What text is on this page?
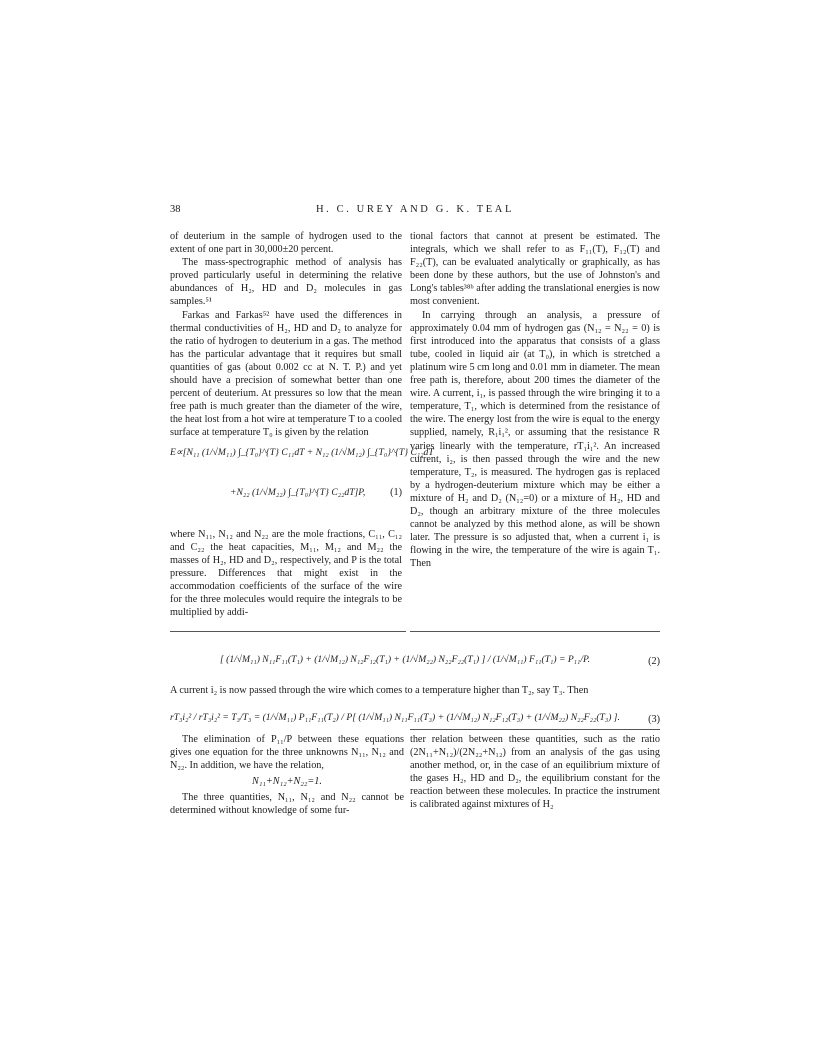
38	H. C. UREY AND G. K. TEAL

of deuterium in the sample of hydrogen used to the extent of one part in 30,000±20 percent.

The mass-spectrographic method of analysis has proved particularly useful in determining the relative abundances of H₂, HD and D₂ molecules in gas samples.⁵¹

Farkas and Farkas⁵² have used the differences in thermal conductivities of H₂, HD and D₂ to analyze for the ratio of hydrogen to deuterium in a gas. The method has the particular advantage that it requires but small quantities of gas (about 0.002 cc at N. T. P.) and yet should have a precision of somewhat better than one percent of deuterium. At pressures so low that the mean free path is much greater than the diameter of the wire, the heat lost from a hot wire at temperature T to a cooled surface at temperature T₀ is given by the relation

E∝[N₁₁ (1/√M₁₁) ∫_{T₀}^{T} C₁₁dT + N₁₂ (1/√M₁₂) ∫_{T₀}^{T} C₁₂dT
+N₂₂ (1/√M₂₂) ∫_{T₀}^{T} C₂₂dT]P, (1)

where N₁₁, N₁₂ and N₂₂ are the mole fractions, C₁₁, C₁₂ and C₂₂ the heat capacities, M₁₁, M₁₂ and M₂₂ the masses of H₂, HD and D₂, respectively, and P is the total pressure. Differences that might exist in the accommodation coefficients of the surface of the wire for the three molecules would require the integrals to be multiplied by addi-

tional factors that cannot at present be estimated. The integrals, which we shall refer to as F₁₁(T), F₁₂(T) and F₂₂(T), can be evaluated analytically or graphically, as has been done by these authors, but the use of Johnston's and Long's tables³⁸ᵇ after adding the translational energies is now most convenient.

In carrying through an analysis, a pressure of approximately 0.04 mm of hydrogen gas (N₁₂ = N₂₂ = 0) is first introduced into the apparatus that consists of a glass tube, cooled in liquid air (at T₀), in which is stretched a platinum wire 5 cm long and 0.01 mm in diameter. The mean free path is, therefore, about 200 times the diameter of the wire. A current, i₁, is passed through the wire bringing it to a temperature, T₁, which is determined from the resistance of the wire. The energy lost from the wire is equal to the energy supplied, namely, R₁i₁², or assuming that the resistance R varies linearly with the temperature, rT₁i₁². An increased current, i₂, is then passed through the wire and the new temperature, T₂, is measured. The hydrogen gas is replaced by a hydrogen-deuterium mixture which may be either a mixture of H₂ and D₂ (N₁₂=0) or a mixture of H₂, HD and D₂, though an arbitrary mixture of the three molecules cannot be analyzed by this method alone, as will be shown later. The pressure is so adjusted that, when a current i₁ is flowing in the wire, the temperature of the wire is again T₁. Then

[ (1/√M₁₁) N₁₁F₁₁(T₁) + (1/√M₁₂) N₁₂F₁₂(T₁) + (1/√M₂₂) N₂₂F₂₂(T₁) ] / (1/√M₁₁) F₁₁(T₁) = P₁₁/P.	(2)
A current i₂ is now passed through the wire which comes to a temperature higher than T₂, say T₃. Then
rT₃i₂² / rT₃i₂² = T₃/T₃ = (1/√M₁₁) P₁₁F₁₁(T₂) / P[ (1/√M₁₁) N₁₁F₁₁(T₃) + (1/√M₁₂) N₁₂F₁₂(T₃) + (1/√M₂₂) N₂₂F₂₂(T₃) ].	(3)

The elimination of P₁₁/P between these equations gives one equation for the three unknowns N₁₁, N₁₂ and N₂₂. In addition, we have the relation,

N₁₁+N₁₂+N₂₂=1.

The three quantities, N₁₁, N₁₂ and N₂₂ cannot be determined without knowledge of some fur-

ther relation between these quantities, such as the ratio (2N₁₁+N₁₂)/(2N₂₂+N₁₂) from an analysis of the gas using another method, or, in the case of an equilibrium mixture of the gases H₂, HD and D₂, the equilibrium constant for the reaction between these molecules. In practice the instrument is calibrated against mixtures of H₂
